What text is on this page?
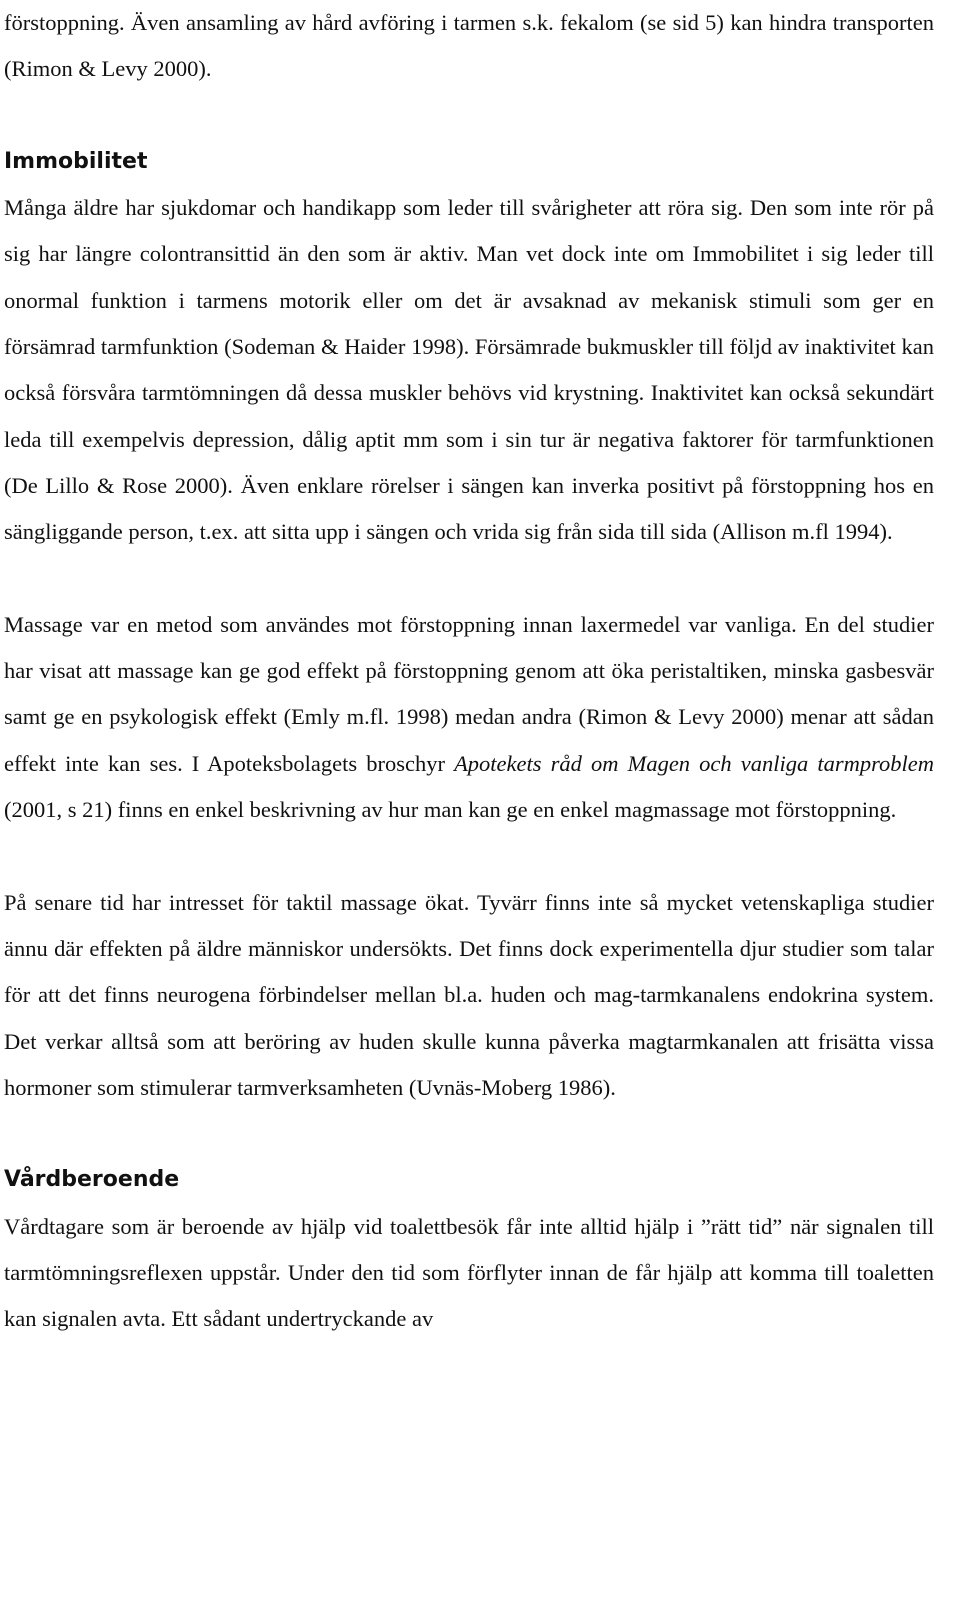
förstoppning. Även ansamling av hård avföring i tarmen s.k. fekalom (se sid 5) kan hindra transporten (Rimon & Levy 2000).

Immobilitet

Många äldre har sjukdomar och handikapp som leder till svårigheter att röra sig. Den som inte rör på sig har längre colontransittid än den som är aktiv. Man vet dock inte om Immobilitet i sig leder till onormal funktion i tarmens motorik eller om det är avsaknad av mekanisk stimuli som ger en försämrad tarmfunktion (Sodeman & Haider 1998). Försämrade bukmuskler till följd av inaktivitet kan också försvåra tarmtömningen då dessa muskler behövs vid krystning. Inaktivitet kan också sekundärt leda till exempelvis depression, dålig aptit mm som i sin tur är negativa faktorer för tarmfunktionen (De Lillo & Rose 2000). Även enklare rörelser i sängen kan inverka positivt på förstoppning hos en sängliggande person, t.ex. att sitta upp i sängen och vrida sig från sida till sida (Allison m.fl 1994).

Massage var en metod som användes mot förstoppning innan laxermedel var vanliga. En del studier har visat att massage kan ge god effekt på förstoppning genom att öka peristaltiken, minska gasbesvär samt ge en psykologisk effekt (Emly m.fl. 1998) medan andra (Rimon & Levy 2000) menar att sådan effekt inte kan ses. I Apoteksbolagets broschyr Apotekets råd om Magen och vanliga tarmproblem (2001, s 21) finns en enkel beskrivning av hur man kan ge en enkel magmassage mot förstoppning.

På senare tid har intresset för taktil massage ökat. Tyvärr finns inte så mycket vetenskapliga studier ännu där effekten på äldre människor undersökts. Det finns dock experimentella djur studier som talar för att det finns neurogena förbindelser mellan bl.a. huden och mag-tarmkanalens endokrina system. Det verkar alltså som att beröring av huden skulle kunna påverka magtarmkanalen att frisätta vissa hormoner som stimulerar tarmverksamheten (Uvnäs-Moberg 1986).

Vårdberoende

Vårdtagare som är beroende av hjälp vid toalettbesök får inte alltid hjälp i ”rätt tid” när signalen till tarmtömningsreflexen uppstår. Under den tid som förflyter innan de får hjälp att komma till toaletten kan signalen avta. Ett sådant undertryckande av
